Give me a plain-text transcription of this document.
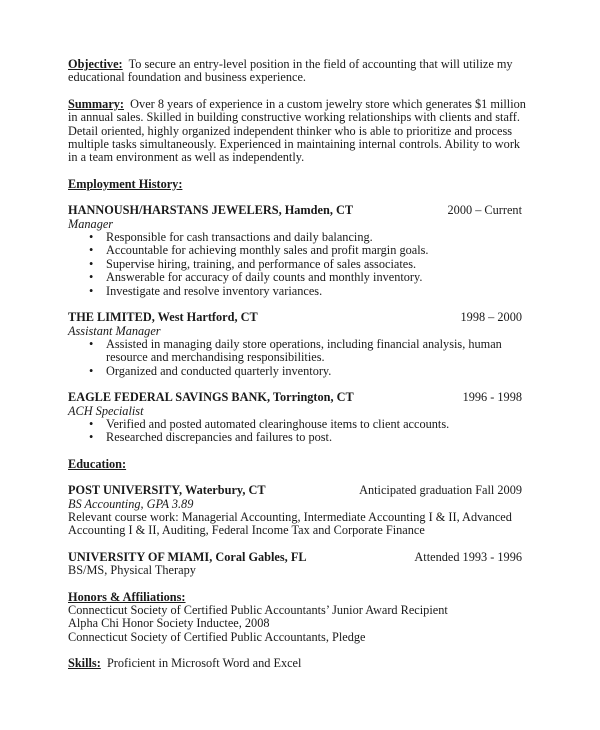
Objective: To secure an entry-level position in the field of accounting that will utilize my educational foundation and business experience.

Summary: Over 8 years of experience in a custom jewelry store which generates $1 million in annual sales. Skilled in building constructive working relationships with clients and staff. Detail oriented, highly organized independent thinker who is able to prioritize and process multiple tasks simultaneously. Experienced in maintaining internal controls. Ability to work in a team environment as well as independently.

Employment History:

HANNOUSH/HARSTANS JEWELERS, Hamden, CT	2000 – Current
Manager
• Responsible for cash transactions and daily balancing.
• Accountable for achieving monthly sales and profit margin goals.
• Supervise hiring, training, and performance of sales associates.
• Answerable for accuracy of daily counts and monthly inventory.
• Investigate and resolve inventory variances.
THE LIMITED, West Hartford, CT	1998 – 2000
Assistant Manager
• Assisted in managing daily store operations, including financial analysis, human resource and merchandising responsibilities.
• Organized and conducted quarterly inventory.
EAGLE FEDERAL SAVINGS BANK, Torrington, CT	1996 - 1998
ACH Specialist
• Verified and posted automated clearinghouse items to client accounts.
• Researched discrepancies and failures to post.

Education:

POST UNIVERSITY, Waterbury, CT	Anticipated graduation Fall 2009
BS Accounting, GPA 3.89
Relevant course work: Managerial Accounting, Intermediate Accounting I & II, Advanced Accounting I & II, Auditing, Federal Income Tax and Corporate Finance
UNIVERSITY OF MIAMI, Coral Gables, FL	Attended 1993 - 1996
BS/MS, Physical Therapy

Honors & Affiliations:

Connecticut Society of Certified Public Accountants’ Junior Award Recipient
Alpha Chi Honor Society Inductee, 2008
Connecticut Society of Certified Public Accountants, Pledge

Skills: Proficient in Microsoft Word and Excel
